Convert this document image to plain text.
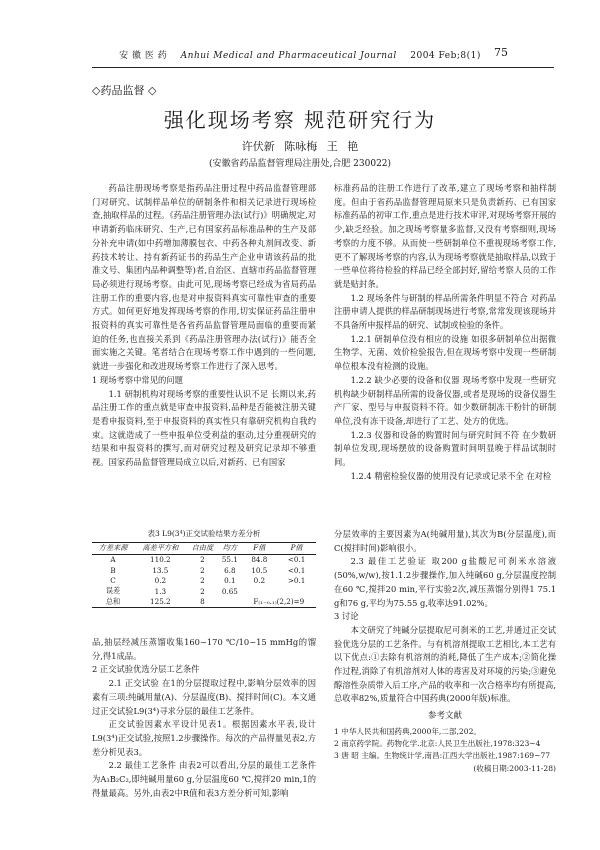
安 徽 医 药 Anhui Medical and Pharmaceutical Journal 2004 Feb;8(1)	75
◇药品监督 ◇
强化现场考察 规范研究行为
许伏新 陈咏梅 王 艳
(安徽省药品监督管理局注册处,合肥 230022)

药品注册现场考察是指药品注册过程中药品监督管理部门对研究、试制样品单位的研制条件和相关记录进行现场检查,抽取样品的过程。《药品注册管理办法(试行)》明确规定,对申请新药临床研究、生产,已有国家药品标准品种的生产及部分补充申请(如中药增加薄膜包衣、中药各种丸剂间改变、新药技术转让、持有新药证书的药品生产企业申请该药品的批准文号、集团内品种调整等)者,自治区、直辖市药品监督管理局必须进行现场考察。由此可见,现场考察已经成为省局药品注册工作的重要内容,也是对申报资料真实可靠性审查的重要方式。如何更好地发挥现场考察的作用,切实保证药品注册申报资料的真实可靠性是各省药品监督管理局面临的重要而紧迫的任务,也直接关系到《药品注册管理办法(试行)》能否全面实施之关键。笔者结合在现场考察工作中遇到的一些问题,就进一步强化和改进现场考察工作进行了深入思考。

1 现场考察中常见的问题

1.1 研制机构对现场考察的重要性认识不足 长期以来,药品注册工作的重点就是审查申报资料,品种是否能被注册关键是看申报资料,至于申报资料的真实性只有靠研究机构自我约束。这就造成了一些申报单位受利益的驱动,过分重视研究的结果和申报资料的撰写,而对研究过程及研究记录却不够重视。国家药品监督管理局成立以后,对新药、已有国家

标准药品的注册工作进行了改革,建立了现场考察和抽样制度。但由于省药品监督管理局原来只是负责新药、已有国家标准药品的初审工作,重点是进行技术审评,对现场考察开展的少,缺乏经验。加之现场考察量多监督,又没有考察细则,现场考察的力度不够。从而使一些研制单位不重视现场考察工作,更不了解现场考察的内容,认为现场考察就是抽取样品,以致于一些单位将待检验的样品已经全部封好,留给考察人员的工作就是贴封条。

1.2 现场条件与研制的样品所需条件明显不符合 对药品注册申请人提供的样品研制现场进行考察,常常发现该现场并不具备所申报样品的研究、试制或检验的条件。

1.2.1 研制单位没有相应的设施 如很多研制单位出据微生物学、无菌、效价检验报告,但在现场考察中发现一些研制单位根本没有检测的设施。

1.2.2 缺少必要的设备和仪器 现场考察中发现一些研究机构缺少研制样品所需的设备仪器,或者是现场的设备仪器生产厂家、型号与申报资料不符。如少数研制冻干粉针的研制单位,没有冻干设备,却进行了工艺、处方的优选。

1.2.3 仪器和设备的购置时间与研究时间不符 在少数研制单位发现,现场摆放的设备购置时间明显晚于样品试制时间。

1.2.4 精密检验仪器的使用没有记录或记录不全 在对检

表3 L9(3⁴)正交试验结果方差分析
方差来源	离差平方和	自由度	均方	F值	P值
A	110.2	2	55.1	84.8	<0.1
B	13.5	2	6.8	10.5	<0.1
C	0.2	2	0.1	0.2	>0.1
误差	1.3	2	0.65		
总和	125.2	8		F₍₁₋₀.₁₎(2,2)=9	

品,抽层经减压蒸馏收集160~170 ℃/10~15 mmHg的馏分,得1成品。

2 正交试验优选分层工艺条件

2.1 正交试验 在1的分层提取过程中,影响分层效率的因素有三项:纯碱用量(A)、分层温度(B)、搅拌时间(C)。本文通过正交试验L9(3⁴)寻求分层的最佳工艺条件。

正交试验因素水平设计见表1。根据因素水平表,设计L9(3⁴)正交试验,按照1.2步骤操作。每次的产品得量见表2,方差分析见表3。

2.2 最佳工艺条件 由表2可以看出,分层的最佳工艺条件为A₃B₂C₂,即纯碱用量60 g,分层温度60 ℃,搅拌20 min,1的得量最高。另外,由表2中R值和表3方差分析可知,影响

分层效率的主要因素为A(纯碱用量),其次为B(分层温度),而C(搅拌时间)影响很小。

2.3 最佳工艺验证 取200 g盐酸尼可刹米水溶液(50%,w/w),按1.1.2步骤操作,加入纯碱60 g,分层温度控制在60 ℃,搅拌20 min,平行实验2次,减压蒸馏分别得1 75.1 g和76 g,平均为75.55 g,收率达91.02%。

3 讨论

本文研究了纯碱分层提取尼可刹米的工艺,并通过正交试验优选分层的工艺条件。与有机溶剂提取工艺相比,本工艺有以下优点:①去除有机溶剂的消耗,降低了生产成本;②简化操作过程,消除了有机溶剂对人体的毒害及对环境的污染;③避免醇溶性杂质带入后工序,产品的收率和一次合格率均有所提高,总收率82%,质量符合中国药典(2000年版)标准。

参考文献

1 中华人民共和国药典,2000年,二部,202。

2 南京药学院。药物化学.北京:人民卫生出版社,1978:323~4

3 唐 昭 主编。生物统计学,南昌:江西大学出版社,1987:169~77

(收稿日期:2003-11-28)
